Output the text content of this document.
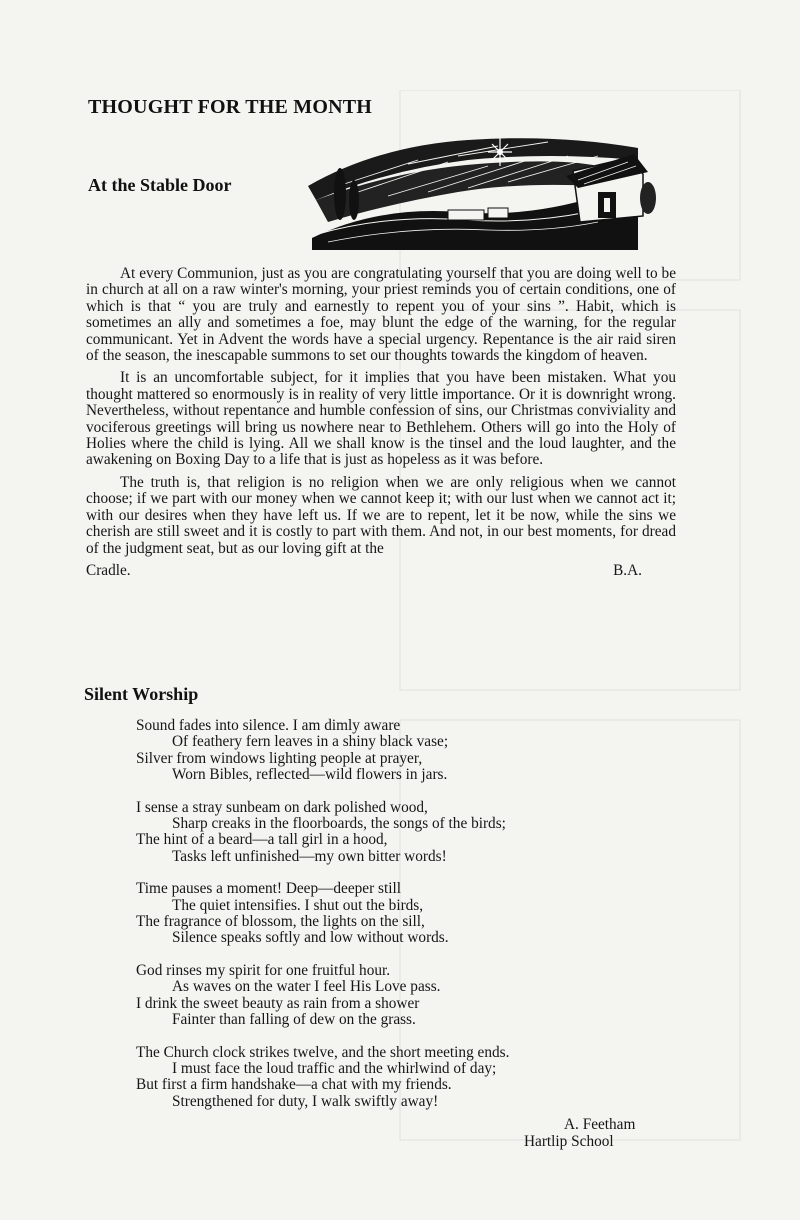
THOUGHT FOR THE MONTH
At the Stable Door

At every Communion, just as you are congratulating yourself that you are doing well to be in church at all on a raw winter's morning, your priest reminds you of certain conditions, one of which is that “ you are truly and earnestly to repent you of your sins ”. Habit, which is sometimes an ally and sometimes a foe, may blunt the edge of the warning, for the regular communicant. Yet in Advent the words have a special urgency. Repentance is the air raid siren of the season, the inescapable summons to set our thoughts towards the kingdom of heaven.

It is an uncomfortable subject, for it implies that you have been mistaken. What you thought mattered so enormously is in reality of very little importance. Or it is downright wrong. Nevertheless, without repentance and humble confession of sins, our Christmas conviviality and vociferous greetings will bring us nowhere near to Bethlehem. Others will go into the Holy of Holies where the child is lying. All we shall know is the tinsel and the loud laughter, and the awakening on Boxing Day to a life that is just as hopeless as it was before.

The truth is, that religion is no religion when we are only religious when we cannot choose; if we part with our money when we cannot keep it; with our lust when we cannot act it; with our desires when they have left us. If we are to repent, let it be now, while the sins we cherish are still sweet and it is costly to part with them. And not, in our best moments, for dread of the judgment seat, but as our loving gift at the

Cradle.	B.A.
Silent Worship
Sound fades into silence. I am dimly aware
Of feathery fern leaves in a shiny black vase;
Silver from windows lighting people at prayer,
Worn Bibles, reflected—wild flowers in jars.
I sense a stray sunbeam on dark polished wood,
Sharp creaks in the floorboards, the songs of the birds;
The hint of a beard—a tall girl in a hood,
Tasks left unfinished—my own bitter words!
Time pauses a moment! Deep—deeper still
The quiet intensifies. I shut out the birds,
The fragrance of blossom, the lights on the sill,
Silence speaks softly and low without words.
God rinses my spirit for one fruitful hour.
As waves on the water I feel His Love pass.
I drink the sweet beauty as rain from a shower
Fainter than falling of dew on the grass.
The Church clock strikes twelve, and the short meeting ends.
I must face the loud traffic and the whirlwind of day;
But first a firm handshake—a chat with my friends.
Strengthened for duty, I walk swiftly away!
A. Feetham
Hartlip School
